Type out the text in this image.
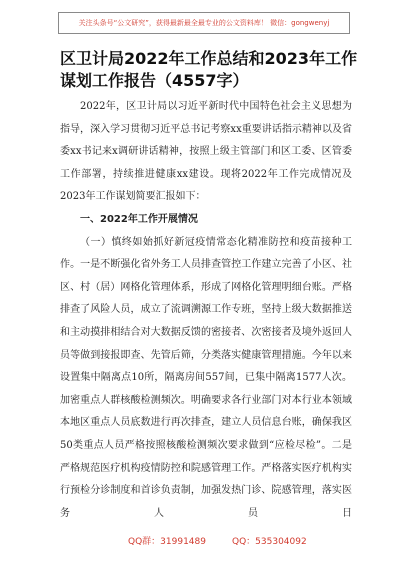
关注头条号“公文研究”，获得最新最全最专业的公文资料库！ 微信：gongwenyj
区卫计局2022年工作总结和2023年工作谋划工作报告（4557字）

2022年，区卫计局以习近平新时代中国特色社会主义思想为指导，深入学习贯彻习近平总书记考察xx重要讲话指示精神以及省委xx书记来x调研讲话精神，按照上级主管部门和区工委、区管委工作部署，持续推进健康xx建设。现将2022年工作完成情况及2023年工作谋划简要汇报如下：

一、2022年工作开展情况

（一）慎终如始抓好新冠疫情常态化精准防控和疫苗接种工作。一是不断强化省外务工人员排查管控工作建立完善了小区、社区、村（居）网格化管理体系，形成了网格化管理明细台账。严格排查了风险人员，成立了流调溯源工作专班，坚持上级大数据推送和主动摸排相结合对大数据反馈的密接者、次密接者及境外返回人员等做到接报即查、先管后筛，分类落实健康管理措施。今年以来设置集中隔离点10所，隔离房间557间，已集中隔离1577人次。加密重点人群核酸检测频次。明确要求各行业部门对本行业本领域本地区重点人员底数进行再次排查，建立人员信息台账，确保我区50类重点人员严格按照核酸检测频次要求做到“应检尽检”。二是严格规范医疗机构疫情防控和院感管理工作。严格落实医疗机构实行预检分诊制度和首诊负责制，加强发热门诊、院感管理，落实医务人员日

QQ群：31991489	QQ：535304092
